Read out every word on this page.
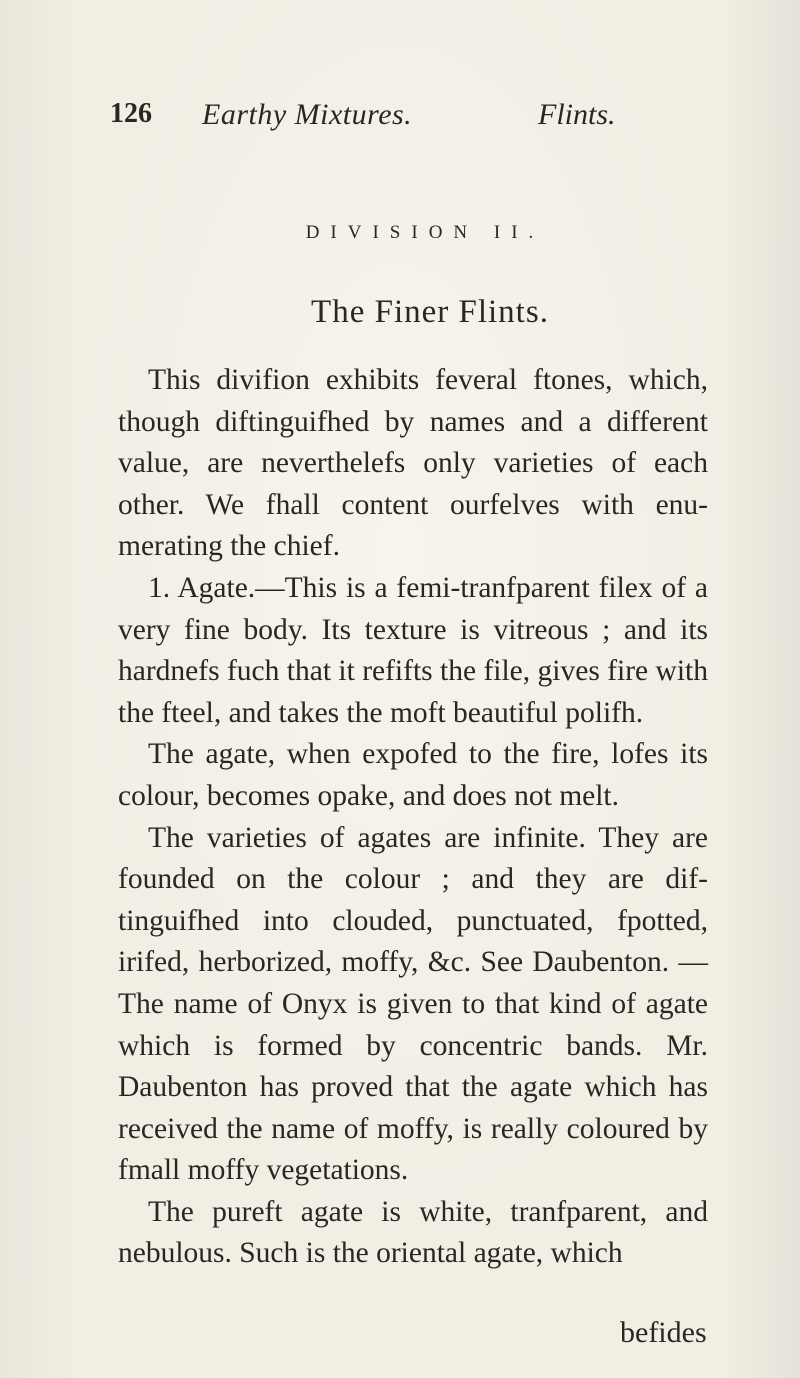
126 Earthy Mixtures.	Flints.
DIVISION II.
The Finer Flints.

This divifion exhibits feveral ftones, which, though diftinguifhed by names and a different value, are neverthelefs only varieties of each other. We fhall content ourfelves with enu- merating the chief.

1. Agate.—This is a femi-tranfparent filex of a very fine body. Its texture is vitreous ; and its hardnefs fuch that it refifts the file, gives fire with the fteel, and takes the moft beautiful polifh.

The agate, when expofed to the fire, lofes its colour, becomes opake, and does not melt.

The varieties of agates are infinite. They are founded on the colour ; and they are dif- tinguifhed into clouded, punctuated, fpotted, irifed, herborized, moffy, &c. See Daubenton. —The name of Onyx is given to that kind of agate which is formed by concentric bands. Mr. Daubenton has proved that the agate which has received the name of moffy, is really coloured by fmall moffy vegetations.

The pureft agate is white, tranfparent, and nebulous. Such is the oriental agate, which

befides
